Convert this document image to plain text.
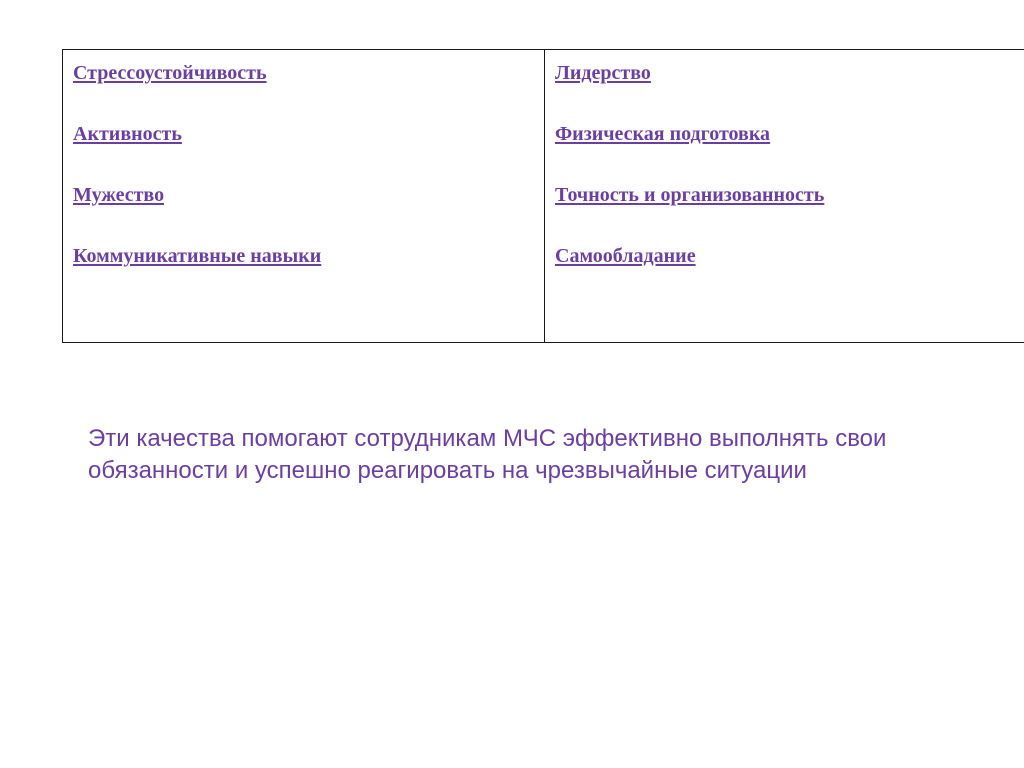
Стрессоустойчивость
Активность
Мужество
Коммуникативные навыки

Лидерство
Физическая подготовка
Точность и организованность
Самообладание

Эти качества помогают сотрудникам МЧС эффективно выполнять свои
обязанности и успешно реагировать на чрезвычайные ситуации
